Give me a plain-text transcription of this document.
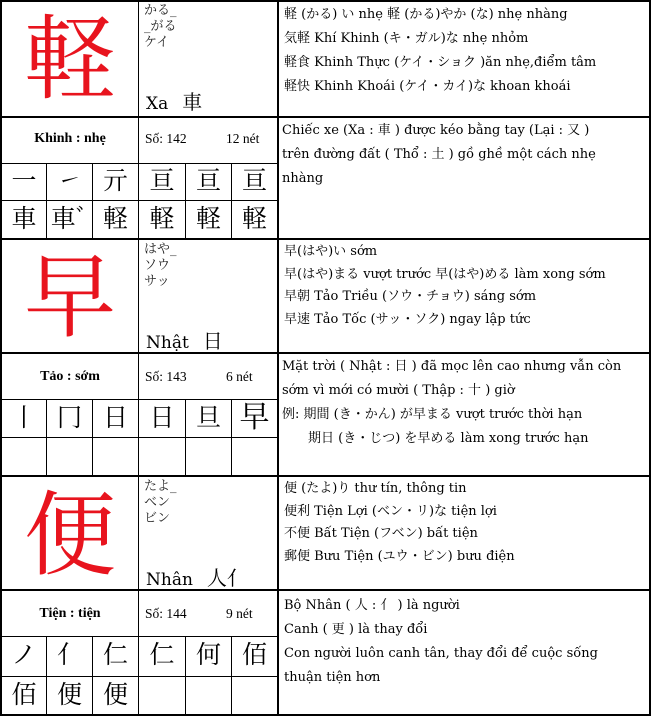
軽	かる_
_がる
ケイ
Xa 車
Khinh : nhẹ	Số: 142	12 nét
一 ㇀ 亓 亘 亘 亘
車 車ﾞ 軽 軽 軽 軽

軽 (かる) い nhẹ 軽 (かる)やか (な) nhẹ nhàng

気軽 Khí Khinh (キ・ガル)な nhẹ nhỏm

軽食 Khinh Thực (ケイ・ショク )ăn nhẹ,điểm tâm

軽快 Khinh Khoái (ケイ・カイ)な khoan khoái

Chiếc xe (Xa : 車 ) được kéo bằng tay (Lại : 又 )

trên đường đất ( Thổ : 土 ) gồ ghề một cách nhẹ

nhàng

早	はや_
ソウ
サッ
Nhật 日
Tảo : sớm	Số: 143	6 nét
丨 冂 日 日 旦 早

早(はや)い sớm

早(はや)まる vượt trước 早(はや)める làm xong sớm

早朝 Tảo Triều (ソウ・チョウ) sáng sớm

早速 Tảo Tốc (サッ・ソク) ngay lập tức

Mặt trời ( Nhật : 日 ) đã mọc lên cao nhưng vẫn còn

sớm vì mới có mười ( Thập : 十 ) giờ

例: 期間 (き・かん) が早まる vượt trước thời hạn

期日 (き・じつ) を早める làm xong trước hạn

便	たよ_
ベン
ビン
Nhân 人亻
Tiện : tiện	Số: 144	9 nét
ノ 亻 仁 仁 何 佰
佰 便 便

便 (たよ)り thư tín, thông tin

便利 Tiện Lợi (ベン・リ)な tiện lợi

不便 Bất Tiện (フベン) bất tiện

郵便 Bưu Tiện (ユウ・ビン) bưu điện

Bộ Nhân ( 人 : 亻 ) là người

Canh ( 更 ) là thay đổi

Con người luôn canh tân, thay đổi để cuộc sống

thuận tiện hơn
